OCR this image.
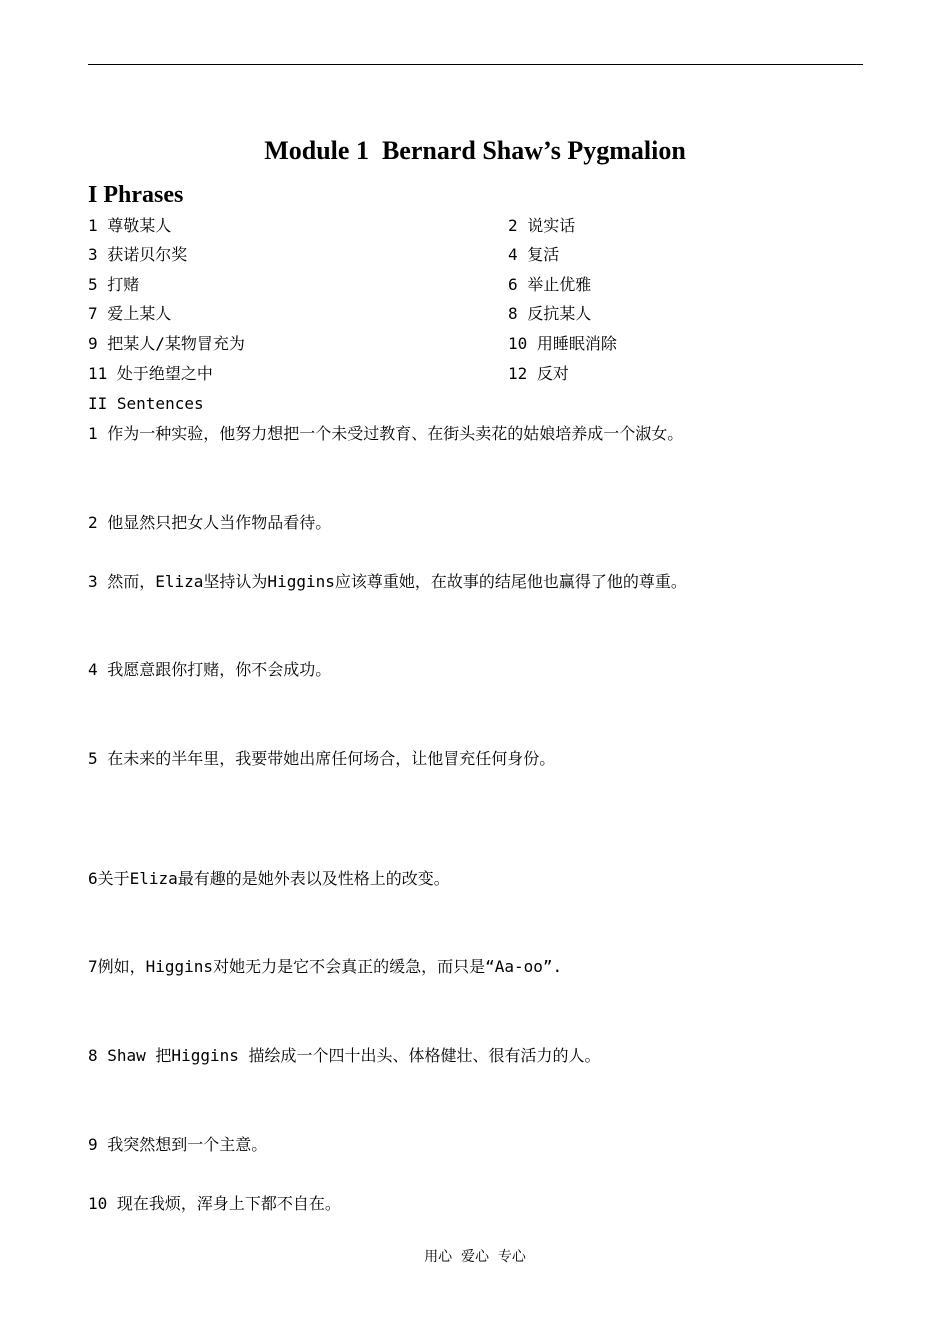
Module 1  Bernard Shaw’s Pygmalion
I Phrases
1 尊敬某人	2 说实话
3 获诺贝尔奖	4 复活
5 打赌	6 举止优雅
7 爱上某人	8 反抗某人
9 把某人/某物冒充为	10 用睡眠消除
11 处于绝望之中	12 反对
II Sentences
1 作为一种实验，他努力想把一个未受过教育、在街头卖花的姑娘培养成一个淑女。
2 他显然只把女人当作物品看待。
3 然而，Eliza坚持认为Higgins应该尊重她，在故事的结尾他也赢得了他的尊重。
4 我愿意跟你打赌，你不会成功。
5 在未来的半年里，我要带她出席任何场合，让他冒充任何身份。
6关于Eliza最有趣的是她外表以及性格上的改变。
7例如，Higgins对她无力是它不会真正的缓急，而只是“Aa-oo”.
8 Shaw 把Higgins 描绘成一个四十出头、体格健壮、很有活力的人。
9 我突然想到一个主意。
10 现在我烦，浑身上下都不自在。
用心  爱心  专心
